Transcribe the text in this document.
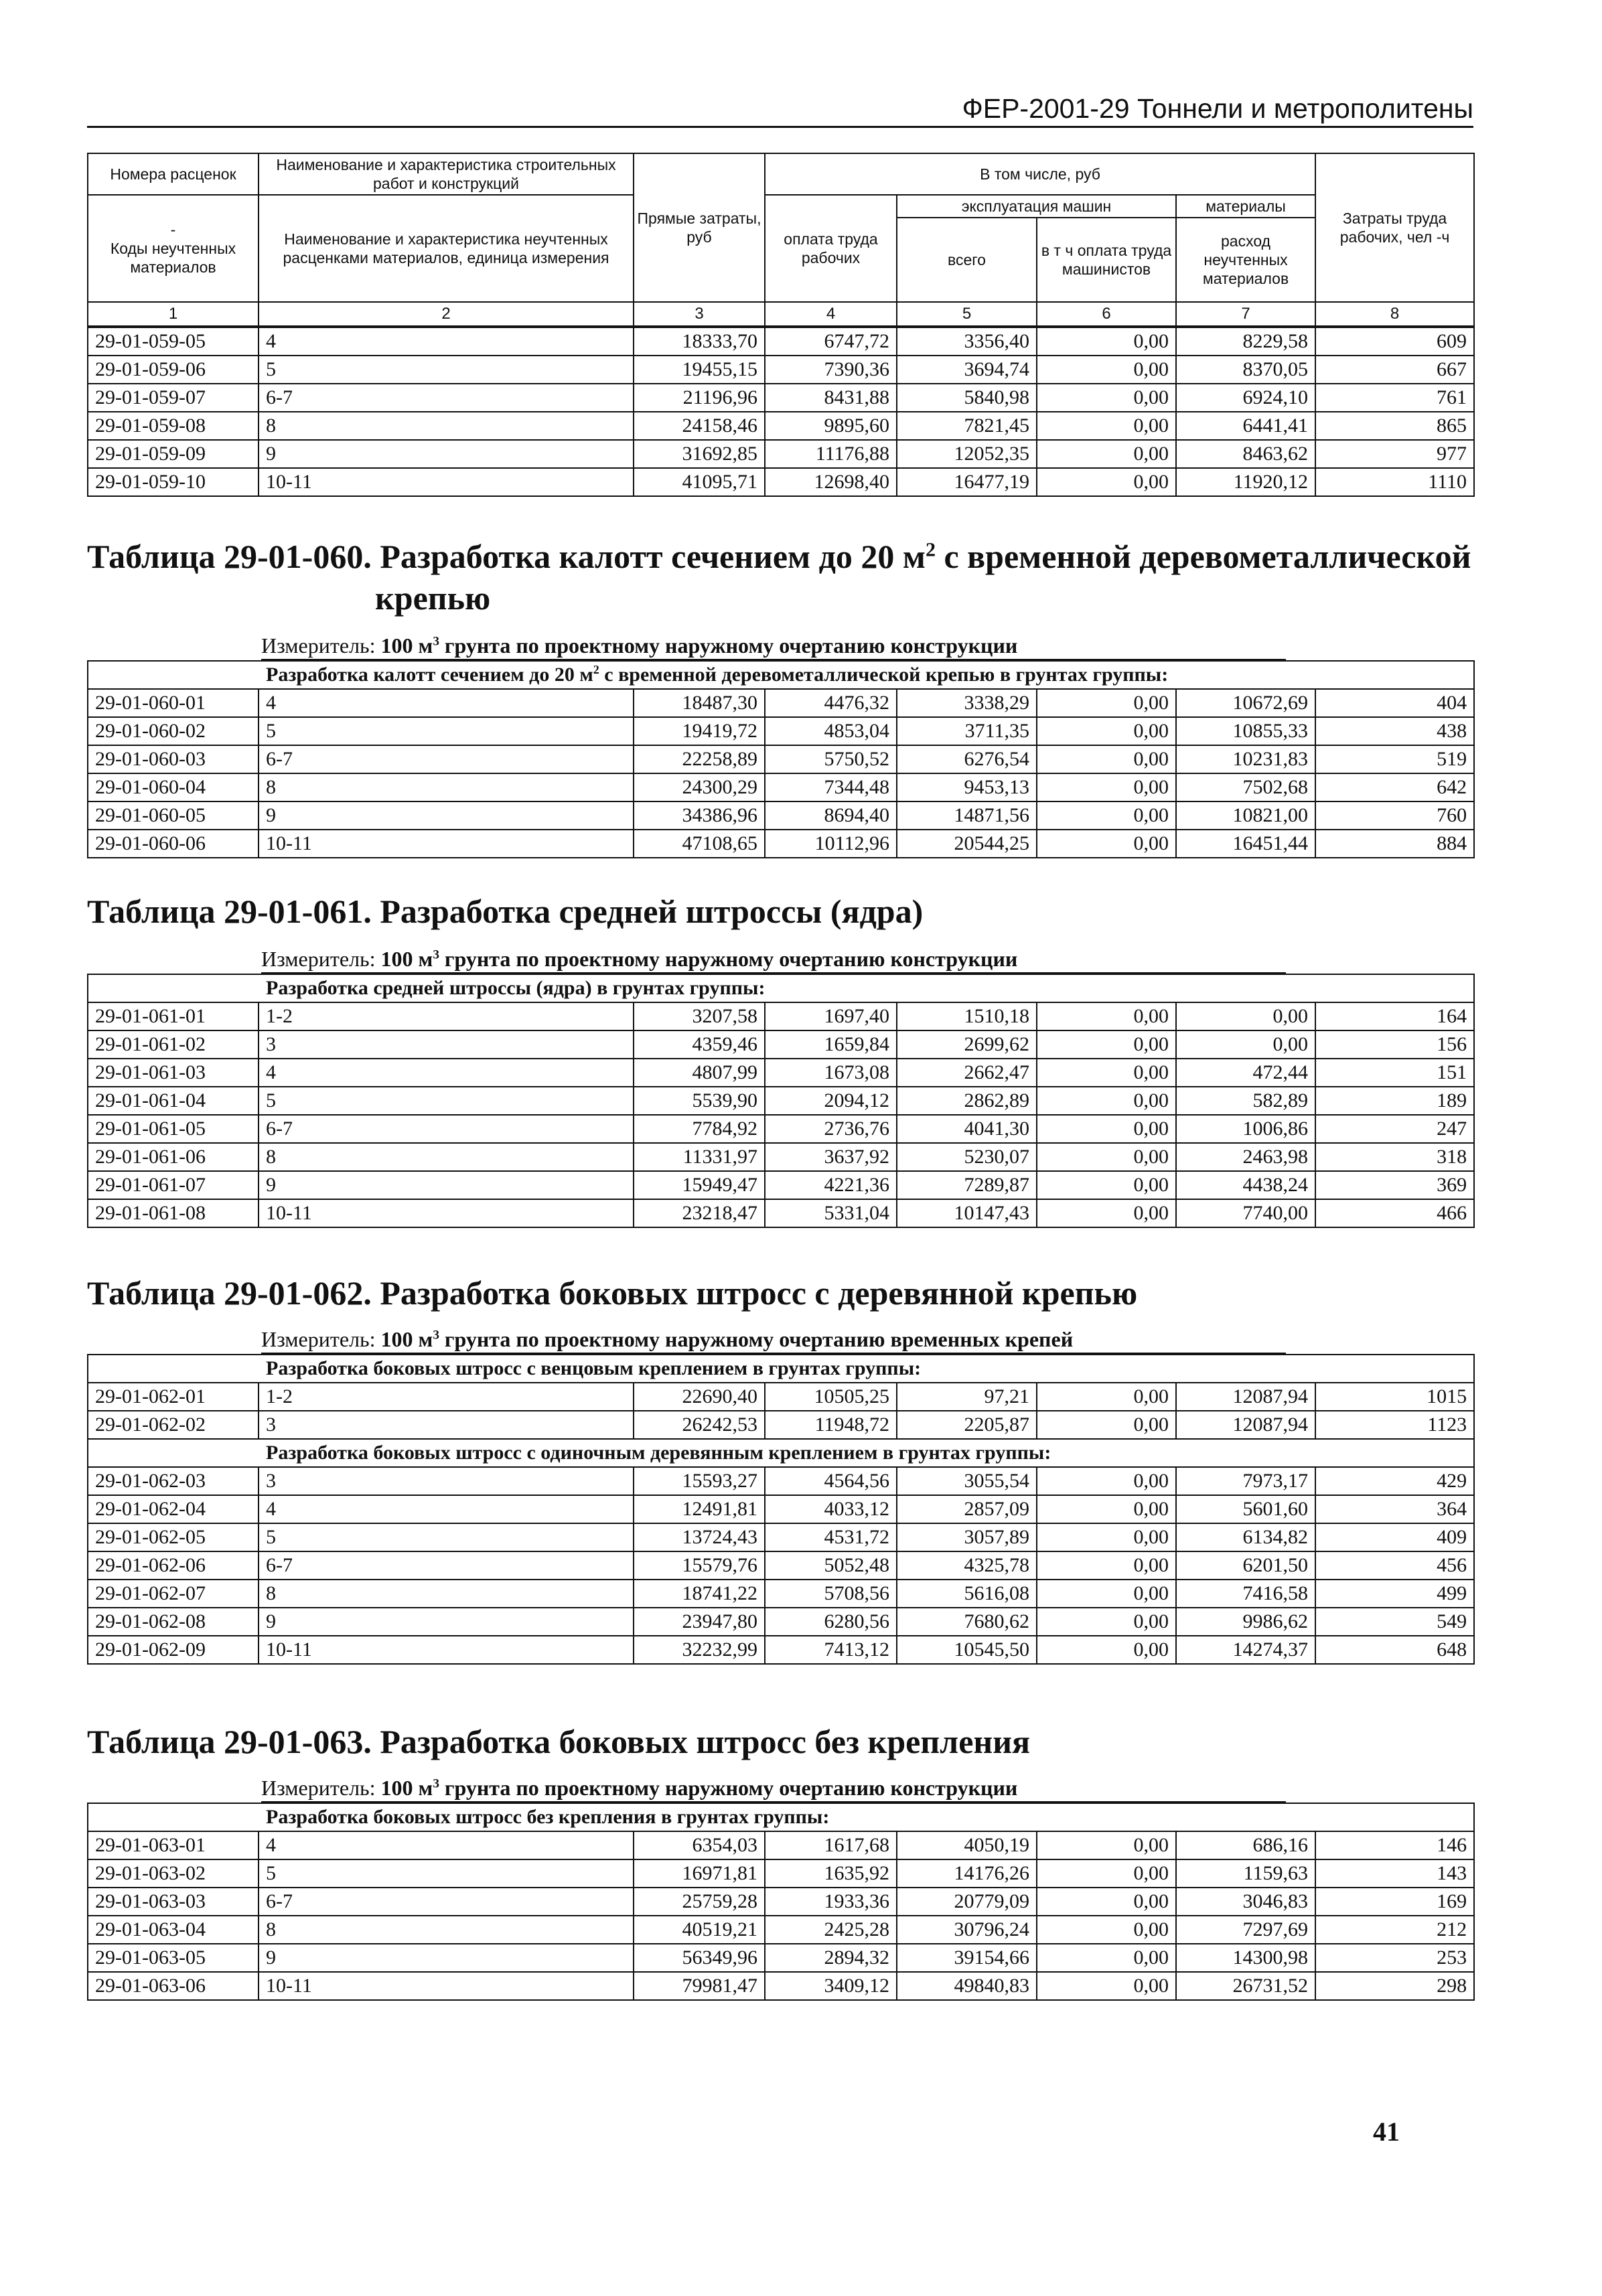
ФЕР-2001-29 Тоннели и метрополитены
Номера расценок	Наименование и характеристика строительных работ и конструкций	Прямые затраты, руб	В том числе, руб				Затраты труда рабочих, чел -ч

-
Коды неучтенных материалов	Наименование и характеристика неучтенных расценками материалов, единица измерения		оплата труда рабочих	эксплуатация машин		материалы	
				всего	в т ч оплата труда машинистов	расход неучтенных материалов	
1	2	3	4	5	6	7	8
29-01-059-05	4	18333,70	6747,72	3356,40	0,00	8229,58	609
29-01-059-06	5	19455,15	7390,36	3694,74	0,00	8370,05	667
29-01-059-07	6-7	21196,96	8431,88	5840,98	0,00	6924,10	761
29-01-059-08	8	24158,46	9895,60	7821,45	0,00	6441,41	865
29-01-059-09	9	31692,85	11176,88	12052,35	0,00	8463,62	977
29-01-059-10	10-11	41095,71	12698,40	16477,19	0,00	11920,12	1110
Таблица 29-01-060. Разработка калотт сечением до 20 $м^2$ с временной деревометаллической
крепью
Измеритель: 100 $м^3$ грунта по проектному наружному очертанию конструкции
Разработка калотт сечением до 20 $м^2$ с временной деревометаллической крепью в грунтах группы:							
29-01-060-01	4	18487,30	4476,32	3338,29	0,00	10672,69	404
29-01-060-02	5	19419,72	4853,04	3711,35	0,00	10855,33	438
29-01-060-03	6-7	22258,89	5750,52	6276,54	0,00	10231,83	519
29-01-060-04	8	24300,29	7344,48	9453,13	0,00	7502,68	642
29-01-060-05	9	34386,96	8694,40	14871,56	0,00	10821,00	760
29-01-060-06	10-11	47108,65	10112,96	20544,25	0,00	16451,44	884
Таблица 29-01-061. Разработка средней штроссы (ядра)
Измеритель: 100 $м^3$ грунта по проектному наружному очертанию конструкции
Разработка средней штроссы (ядра) в грунтах группы:							
29-01-061-01	1-2	3207,58	1697,40	1510,18	0,00	0,00	164
29-01-061-02	3	4359,46	1659,84	2699,62	0,00	0,00	156
29-01-061-03	4	4807,99	1673,08	2662,47	0,00	472,44	151
29-01-061-04	5	5539,90	2094,12	2862,89	0,00	582,89	189
29-01-061-05	6-7	7784,92	2736,76	4041,30	0,00	1006,86	247
29-01-061-06	8	11331,97	3637,92	5230,07	0,00	2463,98	318
29-01-061-07	9	15949,47	4221,36	7289,87	0,00	4438,24	369
29-01-061-08	10-11	23218,47	5331,04	10147,43	0,00	7740,00	466
Таблица 29-01-062. Разработка боковых штросс с деревянной крепью
Измеритель: 100 $м^3$ грунта по проектному наружному очертанию временных крепей
Разработка боковых штросс с венцовым креплением в грунтах группы:							
29-01-062-01	1-2	22690,40	10505,25	97,21	0,00	12087,94	1015
29-01-062-02	3	26242,53	11948,72	2205,87	0,00	12087,94	1123
Разработка боковых штросс с одиночным деревянным креплением в грунтах группы:							
29-01-062-03	3	15593,27	4564,56	3055,54	0,00	7973,17	429
29-01-062-04	4	12491,81	4033,12	2857,09	0,00	5601,60	364
29-01-062-05	5	13724,43	4531,72	3057,89	0,00	6134,82	409
29-01-062-06	6-7	15579,76	5052,48	4325,78	0,00	6201,50	456
29-01-062-07	8	18741,22	5708,56	5616,08	0,00	7416,58	499
29-01-062-08	9	23947,80	6280,56	7680,62	0,00	9986,62	549
29-01-062-09	10-11	32232,99	7413,12	10545,50	0,00	14274,37	648
Таблица 29-01-063. Разработка боковых штросс без крепления
Измеритель: 100 $м^3$ грунта по проектному наружному очертанию конструкции
Разработка боковых штросс без крепления в грунтах группы:							
29-01-063-01	4	6354,03	1617,68	4050,19	0,00	686,16	146
29-01-063-02	5	16971,81	1635,92	14176,26	0,00	1159,63	143
29-01-063-03	6-7	25759,28	1933,36	20779,09	0,00	3046,83	169
29-01-063-04	8	40519,21	2425,28	30796,24	0,00	7297,69	212
29-01-063-05	9	56349,96	2894,32	39154,66	0,00	14300,98	253
29-01-063-06	10-11	79981,47	3409,12	49840,83	0,00	26731,52	298
41
